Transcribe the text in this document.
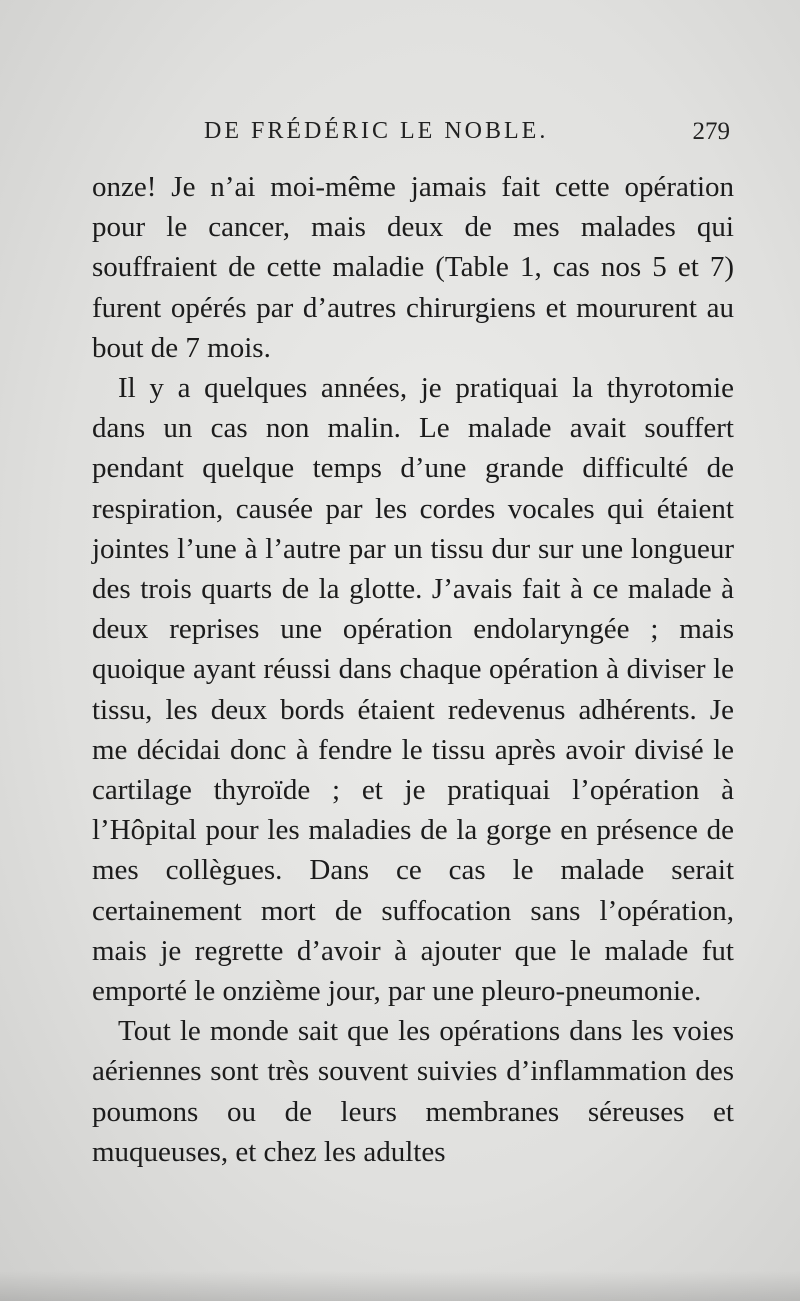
DE FRÉDÉRIC LE NOBLE.	279

onze! Je n’ai moi-même jamais fait cette opération pour le cancer, mais deux de mes malades qui souffraient de cette maladie (Table 1, cas nos 5 et 7) furent opérés par d’autres chirurgiens et moururent au bout de 7 mois.

Il y a quelques années, je pratiquai la thyrotomie dans un cas non malin. Le malade avait souffert pendant quelque temps d’une grande difficulté de respiration, causée par les cordes vocales qui étaient jointes l’une à l’autre par un tissu dur sur une longueur des trois quarts de la glotte. J’avais fait à ce malade à deux reprises une opération endolaryngée ; mais quoique ayant réussi dans chaque opération à diviser le tissu, les deux bords étaient redevenus adhérents. Je me décidai donc à fendre le tissu après avoir divisé le cartilage thyroïde ; et je pratiquai l’opération à l’Hôpital pour les maladies de la gorge en présence de mes collègues. Dans ce cas le malade serait certainement mort de suffocation sans l’opération, mais je regrette d’avoir à ajouter que le malade fut emporté le onzième jour, par une pleuro-pneumonie.

Tout le monde sait que les opérations dans les voies aériennes sont très souvent suivies d’inflammation des poumons ou de leurs membranes séreuses et muqueuses, et chez les adultes
